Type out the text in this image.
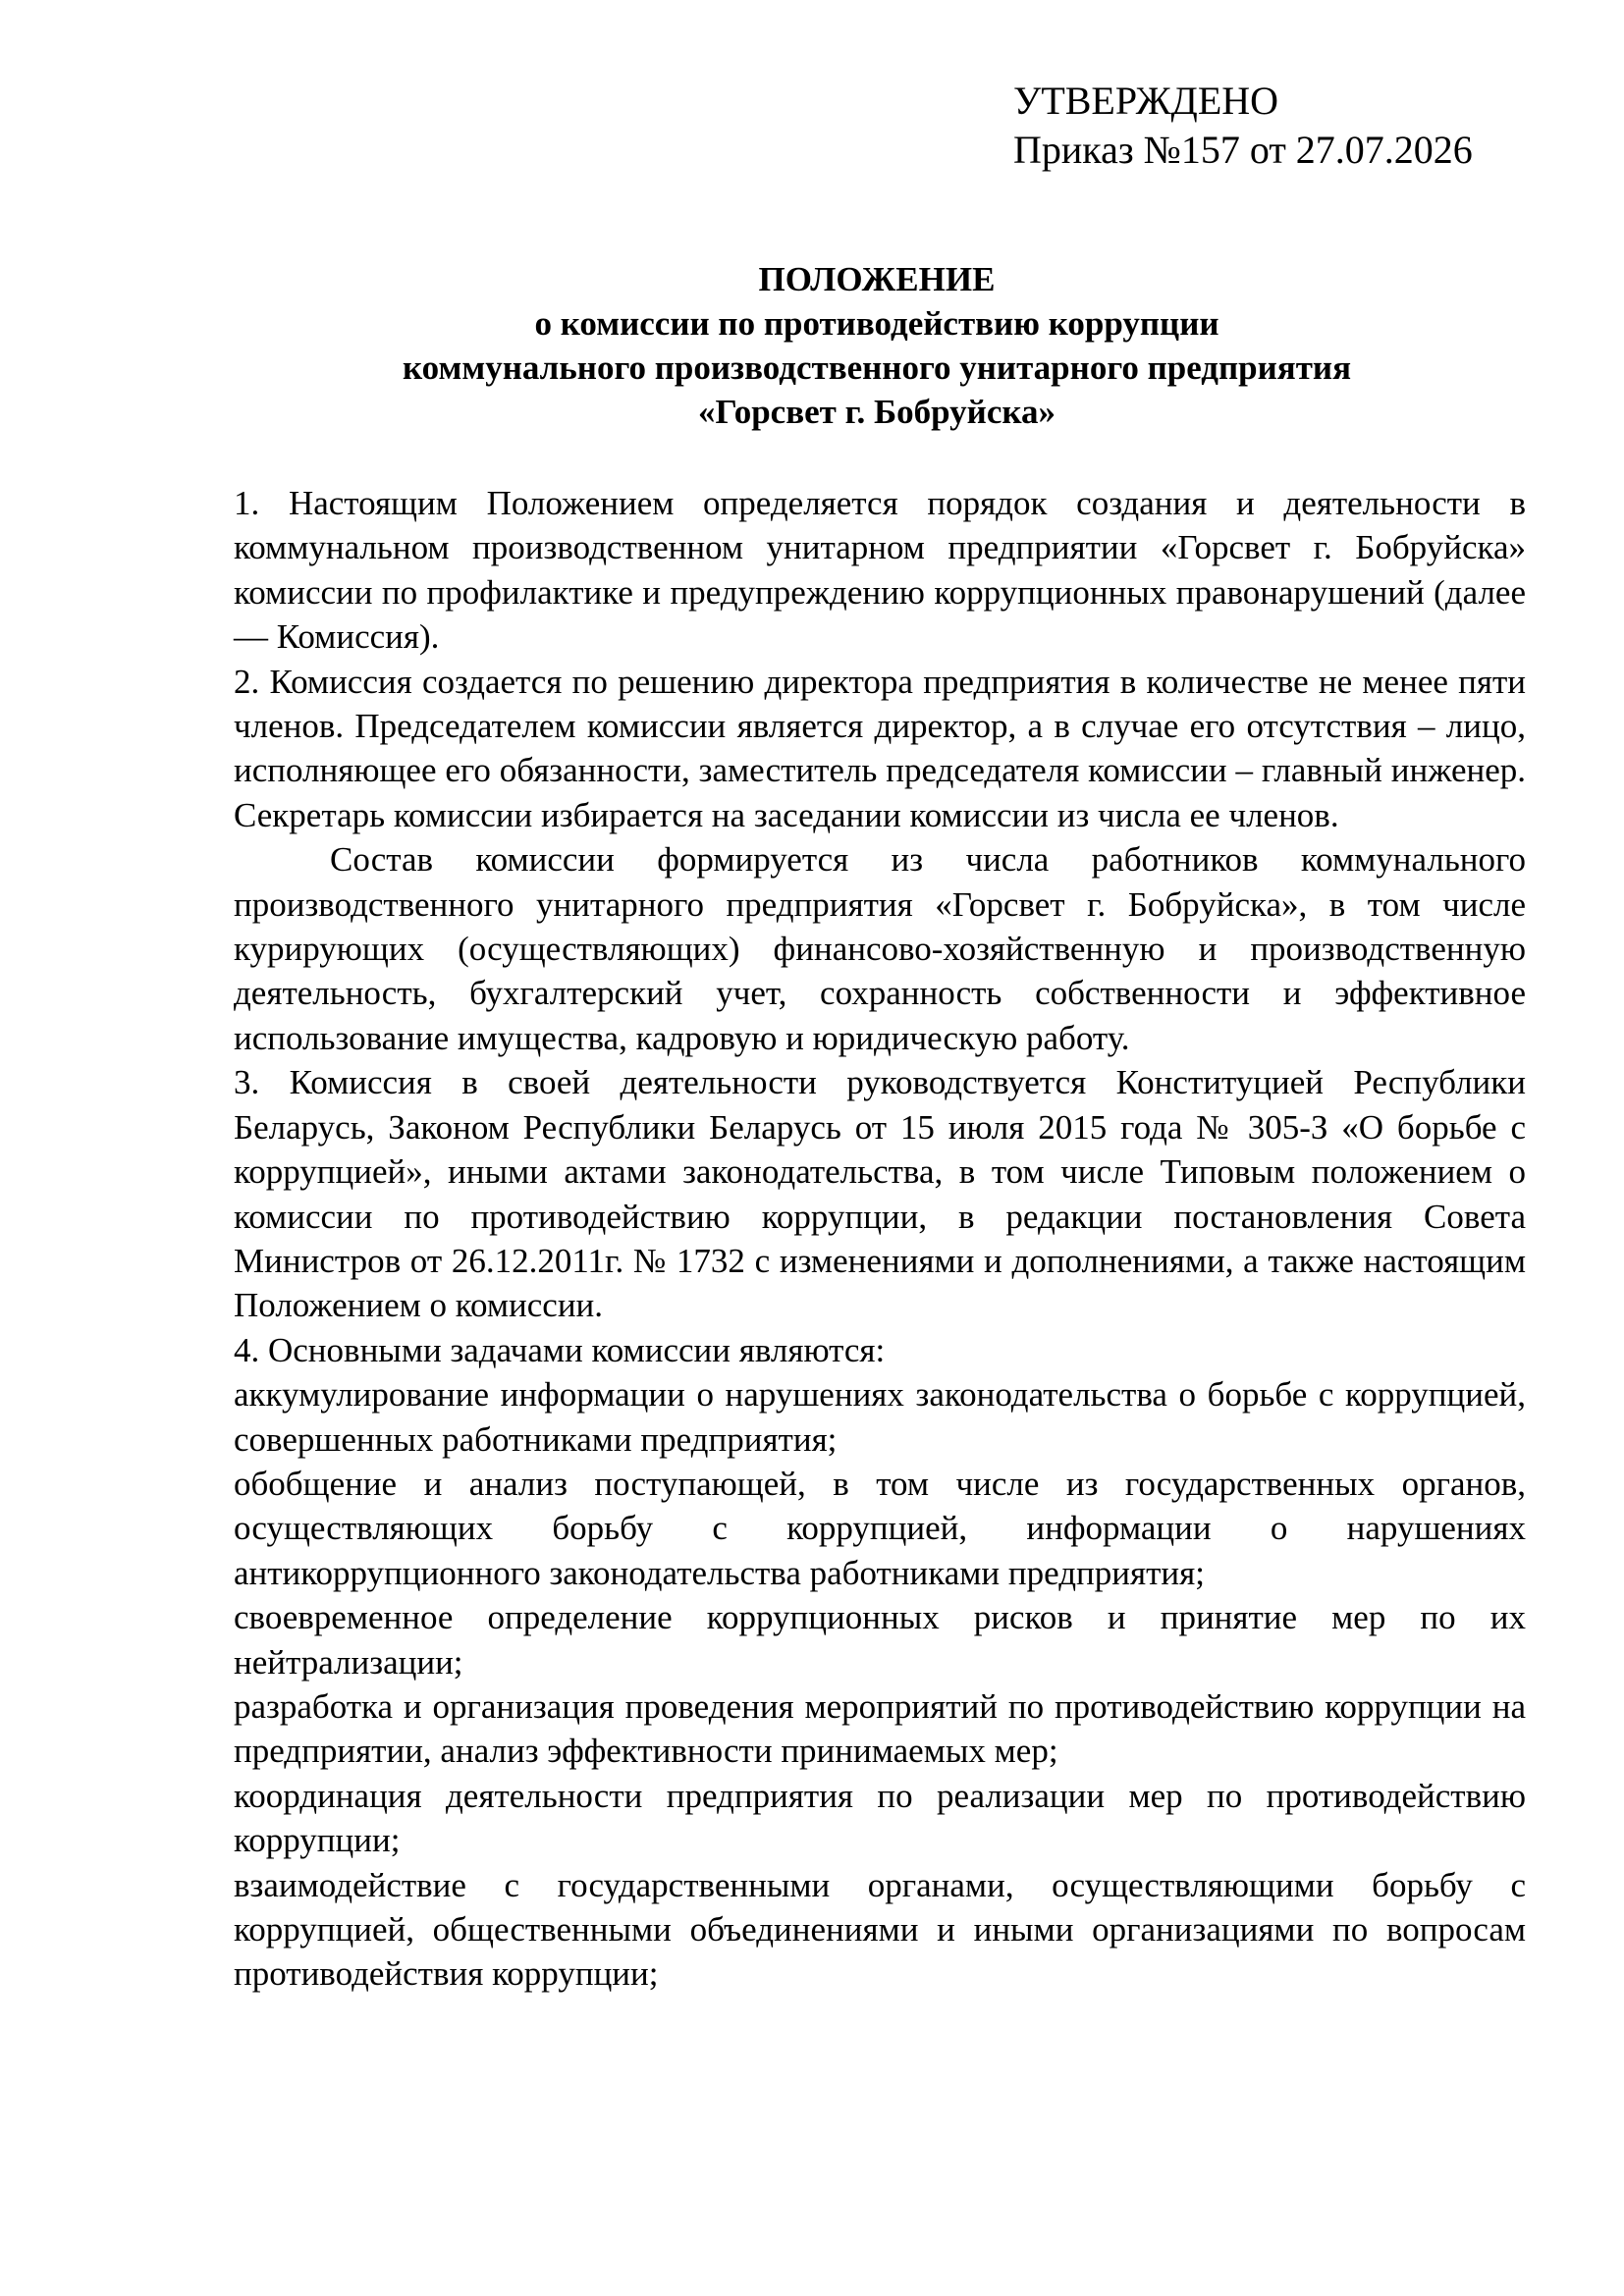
УТВЕРЖДЕНО
Приказ №157 от 27.07.2026
ПОЛОЖЕНИЕ
о комиссии по противодействию коррупции
коммунального производственного унитарного предприятия
«Горсвет г. Бобруйска»

1. Настоящим Положением определяется порядок создания и деятельности в коммунальном производственном унитарном предприятии «Горсвет г. Бобруйска» комиссии по профилактике и предупреждению коррупционных правонарушений (далее — Комиссия).

2. Комиссия создается по решению директора предприятия в количестве не менее пяти членов. Председателем комиссии является директор, а в случае его отсутствия – лицо, исполняющее его обязанности, заместитель председателя комиссии – главный инженер. Секретарь комиссии избирается на заседании комиссии из числа ее членов.

Состав комиссии формируется из числа работников коммунального производственного унитарного предприятия «Горсвет г. Бобруйска», в том числе курирующих (осуществляющих) финансово-хозяйственную и производственную деятельность, бухгалтерский учет, сохранность собственности и эффективное использование имущества, кадровую и юридическую работу.

3. Комиссия в своей деятельности руководствуется Конституцией Республики Беларусь, Законом Республики Беларусь от 15 июля 2015 года № 305-З «О борьбе с коррупцией», иными актами законодательства, в том числе Типовым положением о комиссии по противодействию коррупции, в редакции постановления Совета Министров от 26.12.2011г. № 1732 с изменениями и дополнениями, а также настоящим Положением о комиссии.

4. Основными задачами комиссии являются:

аккумулирование информации о нарушениях законодательства о борьбе с коррупцией, совершенных работниками предприятия;

обобщение и анализ поступающей, в том числе из государственных органов, осуществляющих борьбу с коррупцией, информации о нарушениях антикоррупционного законодательства работниками предприятия;

своевременное определение коррупционных рисков и принятие мер по их нейтрализации;

разработка и организация проведения мероприятий по противодействию коррупции на предприятии, анализ эффективности принимаемых мер;

координация деятельности предприятия по реализации мер по противодействию коррупции;

взаимодействие с государственными органами, осуществляющими борьбу с коррупцией, общественными объединениями и иными организациями по вопросам противодействия коррупции;
